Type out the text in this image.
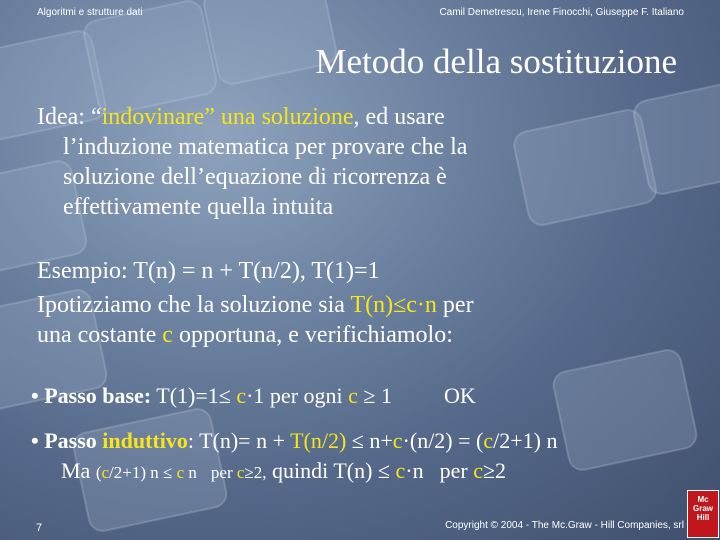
Algoritmi e strutture dati	Camil Demetrescu, Irene Finocchi, Giuseppe F. Italiano
Metodo della sostituzione
Idea: “indovinare” una soluzione, ed usare
l’induzione matematica per provare che la
soluzione dell’equazione di ricorrenza è
effettivamente quella intuita
Esempio: T(n) = n + T(n/2), T(1)=1
Ipotizziamo che la soluzione sia T(n)≤c·n per
una costante c opportuna, e verifichiamolo:
• Passo base: T(1)=1≤ c·1 per ogni c ≥ 1 OK
• Passo induttivo: T(n)= n + T(n/2) ≤ n+c·(n/2) = (c/2+1) n
Ma (c/2+1) n ≤ c n per c≥2, quindi T(n) ≤ c·n per c≥2
7	Copyright © 2004 - The Mc.Graw - Hill Companies, srl
Mc
Graw
Hill
